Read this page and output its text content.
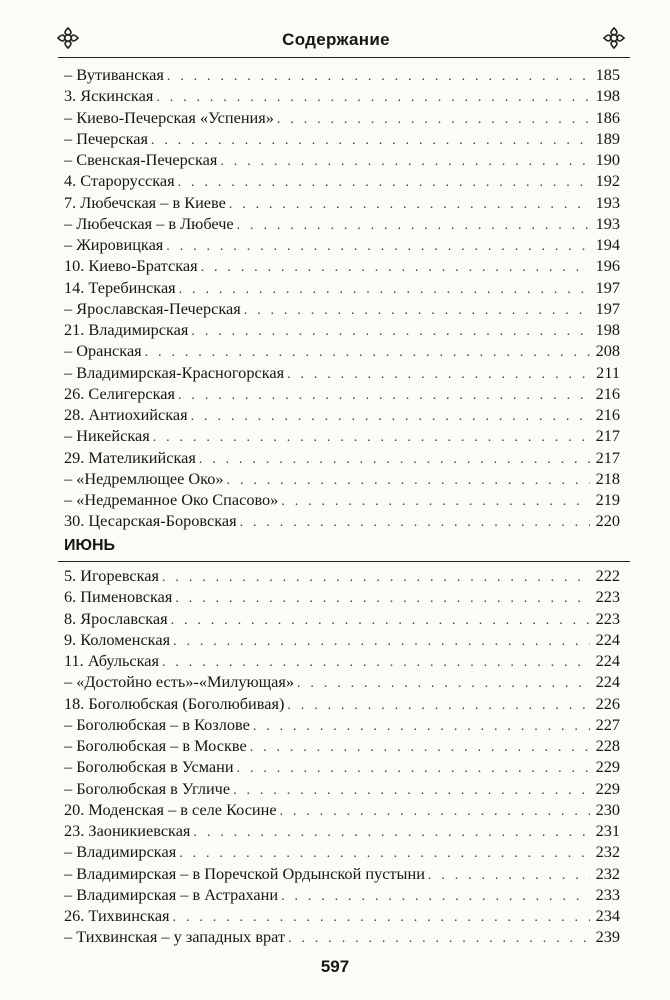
Содержание
– Вутиванская . . .	185
3. Яскинская . . .	198
– Киево-Печерская «Успения» . . .	186
– Печерская . . .	189
– Свенская-Печерская . . .	190
4. Старорусская . . .	192
7. Любечская – в Киеве . . .	193
– Любечская – в Любече . . .	193
– Жировицкая . . .	194
10. Киево-Братская . . .	196
14. Теребинская . . .	197
– Ярославская-Печерская . . .	197
21. Владимирская . . .	198
– Оранская . . .	208
– Владимирская-Красногорская . . .	211
26. Селигерская . . .	216
28. Антиохийская . . .	216
– Никейская . . .	217
29. Мателикийская . . .	217
– «Недремлющее Око» . . .	218
– «Недреманное Око Спасово» . . .	219
30. Цесарская-Боровская . . .	220
ИЮНЬ
5. Игоревская . . .	222
6. Пименовская . . .	223
8. Ярославская . . .	223
9. Коломенская . . .	224
11. Абульская . . .	224
– «Достойно есть»-«Милующая» . . .	224
18. Боголюбская (Боголюбивая) . . .	226
– Боголюбская – в Козлове . . .	227
– Боголюбская – в Москве . . .	228
– Боголюбская в Усмани . . .	229
– Боголюбская в Угличе . . .	229
20. Моденская – в селе Косине . . .	230
23. Заоникиевская . . .	231
– Владимирская . . .	232
– Владимирская – в Поречской Ордынской пустыни . . .	232
– Владимирская – в Астрахани . . .	233
26. Тихвинская . . .	234
– Тихвинская – у западных врат . . .	239
597
